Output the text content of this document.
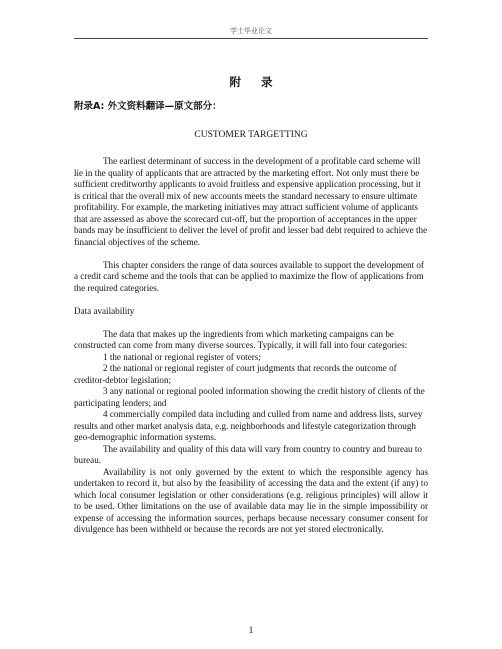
学士毕业论文
附 录
附录A: 外文资料翻译—原文部分：
CUSTOMER TARGETTING

The earliest determinant of success in the development of a profitable card scheme will lie in the quality of applicants that are attracted by the marketing effort. Not only must there be sufficient creditworthy applicants to avoid fruitless and expensive application processing, but it is critical that the overall mix of new accounts meets the standard necessary to ensure ultimate profitability. For example, the marketing initiatives may attract sufficient volume of applicants that are assessed as above the scorecard cut-off, but the proportion of acceptances in the upper bands may be insufficient to deliver the level of profit and lesser bad debt required to achieve the financial objectives of the scheme.

This chapter considers the range of data sources available to support the development of a credit card scheme and the tools that can be applied to maximize the flow of applications from the required categories.

Data availability

The data that makes up the ingredients from which marketing campaigns can be constructed can come from many diverse sources. Typically, it will fall into four categories:

1 the national or regional register of voters;

2 the national or regional register of court judgments that records the outcome of creditor-debtor legislation;

3 any national or regional pooled information showing the credit history of clients of the participating lenders; and

4 commercially compiled data including and culled from name and address lists, survey results and other market analysis data, e.g. neighborhoods and lifestyle categorization through geo-demographic information systems.

The availability and quality of this data will vary from country to country and bureau to bureau.

Availability is not only governed by the extent to which the responsible agency has undertaken to record it, but also by the feasibility of accessing the data and the extent (if any) to which local consumer legislation or other considerations (e.g. religious principles) will allow it to be used. Other limitations on the use of available data may lie in the simple impossibility or expense of accessing the information sources, perhaps because necessary consumer consent for divulgence has been withheld or because the records are not yet stored electronically.

1
